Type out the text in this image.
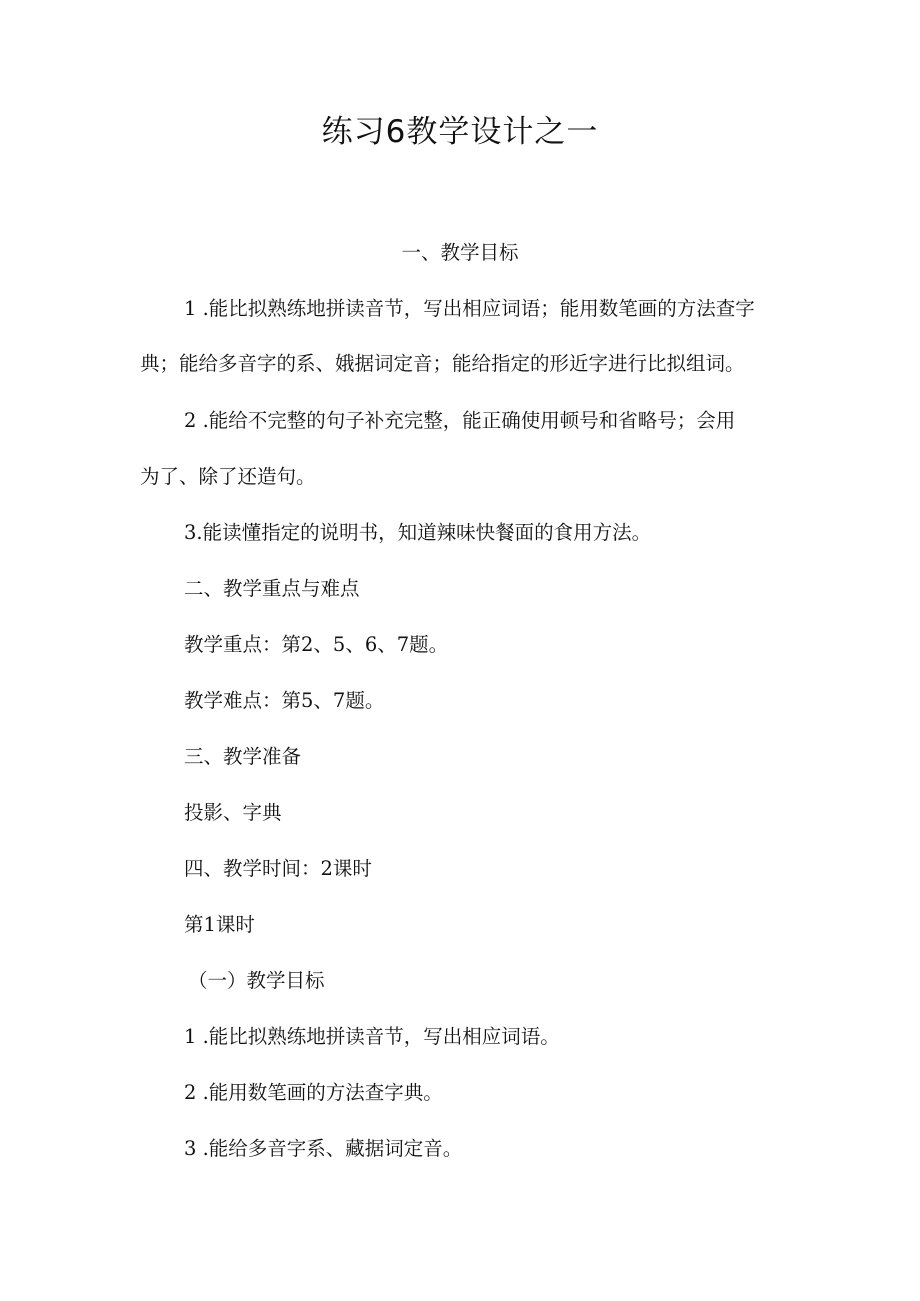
练习6教学设计之一
一、教学目标
1 .能比拟熟练地拼读音节，写出相应词语；能用数笔画的方法查字
典；能给多音字的系、娥据词定音；能给指定的形近字进行比拟组词。
2 .能给不完整的句子补充完整，能正确使用顿号和省略号；会用
为了、除了还造句。
3.能读懂指定的说明书，知道辣味快餐面的食用方法。
二、教学重点与难点
教学重点：第2、5、6、7题。
教学难点：第5、7题。
三、教学准备
投影、字典
四、教学时间：2课时
第1课时
（一）教学目标
1 .能比拟熟练地拼读音节，写出相应词语。
2 .能用数笔画的方法查字典。
3 .能给多音字系、藏据词定音。
